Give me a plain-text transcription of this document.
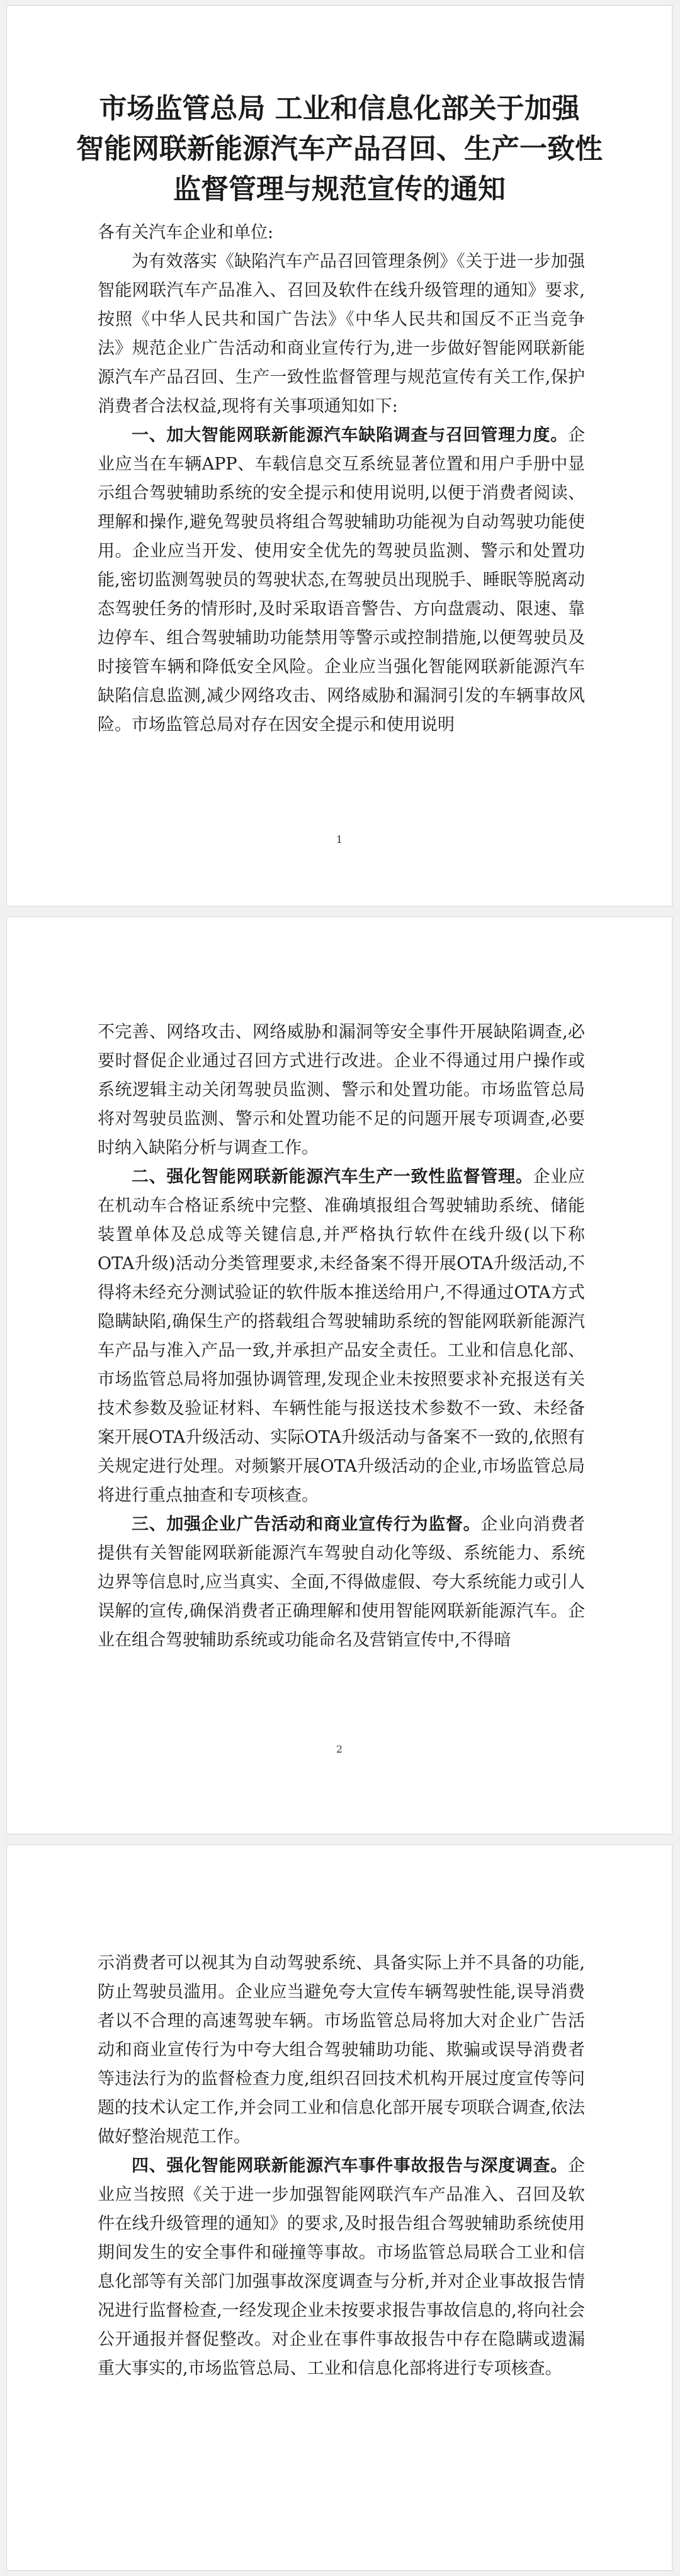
市场监管总局 工业和信息化部关于加强
智能网联新能源汽车产品召回、生产一致性
监督管理与规范宣传的通知

各有关汽车企业和单位:

为有效落实《缺陷汽车产品召回管理条例》《关于进一步加强智能网联汽车产品准入、召回及软件在线升级管理的通知》要求,按照《中华人民共和国广告法》《中华人民共和国反不正当竞争法》规范企业广告活动和商业宣传行为,进一步做好智能网联新能源汽车产品召回、生产一致性监督管理与规范宣传有关工作,保护消费者合法权益,现将有关事项通知如下:

一、加大智能网联新能源汽车缺陷调查与召回管理力度。企业应当在车辆APP、车载信息交互系统显著位置和用户手册中显示组合驾驶辅助系统的安全提示和使用说明,以便于消费者阅读、理解和操作,避免驾驶员将组合驾驶辅助功能视为自动驾驶功能使用。企业应当开发、使用安全优先的驾驶员监测、警示和处置功能,密切监测驾驶员的驾驶状态,在驾驶员出现脱手、睡眠等脱离动态驾驶任务的情形时,及时采取语音警告、方向盘震动、限速、靠边停车、组合驾驶辅助功能禁用等警示或控制措施,以便驾驶员及时接管车辆和降低安全风险。企业应当强化智能网联新能源汽车缺陷信息监测,减少网络攻击、网络威胁和漏洞引发的车辆事故风险。市场监管总局对存在因安全提示和使用说明

1

不完善、网络攻击、网络威胁和漏洞等安全事件开展缺陷调查,必要时督促企业通过召回方式进行改进。企业不得通过用户操作或系统逻辑主动关闭驾驶员监测、警示和处置功能。市场监管总局将对驾驶员监测、警示和处置功能不足的问题开展专项调查,必要时纳入缺陷分析与调查工作。

二、强化智能网联新能源汽车生产一致性监督管理。企业应在机动车合格证系统中完整、准确填报组合驾驶辅助系统、储能装置单体及总成等关键信息,并严格执行软件在线升级(以下称OTA升级)活动分类管理要求,未经备案不得开展OTA升级活动,不得将未经充分测试验证的软件版本推送给用户,不得通过OTA方式隐瞒缺陷,确保生产的搭载组合驾驶辅助系统的智能网联新能源汽车产品与准入产品一致,并承担产品安全责任。工业和信息化部、市场监管总局将加强协调管理,发现企业未按照要求补充报送有关技术参数及验证材料、车辆性能与报送技术参数不一致、未经备案开展OTA升级活动、实际OTA升级活动与备案不一致的,依照有关规定进行处理。对频繁开展OTA升级活动的企业,市场监管总局将进行重点抽查和专项核查。

三、加强企业广告活动和商业宣传行为监督。企业向消费者提供有关智能网联新能源汽车驾驶自动化等级、系统能力、系统边界等信息时,应当真实、全面,不得做虚假、夸大系统能力或引人误解的宣传,确保消费者正确理解和使用智能网联新能源汽车。企业在组合驾驶辅助系统或功能命名及营销宣传中,不得暗

2

示消费者可以视其为自动驾驶系统、具备实际上并不具备的功能,防止驾驶员滥用。企业应当避免夸大宣传车辆驾驶性能,误导消费者以不合理的高速驾驶车辆。市场监管总局将加大对企业广告活动和商业宣传行为中夸大组合驾驶辅助功能、欺骗或误导消费者等违法行为的监督检查力度,组织召回技术机构开展过度宣传等问题的技术认定工作,并会同工业和信息化部开展专项联合调查,依法做好整治规范工作。

四、强化智能网联新能源汽车事件事故报告与深度调查。企业应当按照《关于进一步加强智能网联汽车产品准入、召回及软件在线升级管理的通知》的要求,及时报告组合驾驶辅助系统使用期间发生的安全事件和碰撞等事故。市场监管总局联合工业和信息化部等有关部门加强事故深度调查与分析,并对企业事故报告情况进行监督检查,一经发现企业未按要求报告事故信息的,将向社会公开通报并督促整改。对企业在事件事故报告中存在隐瞒或遗漏重大事实的,市场监管总局、工业和信息化部将进行专项核查。
